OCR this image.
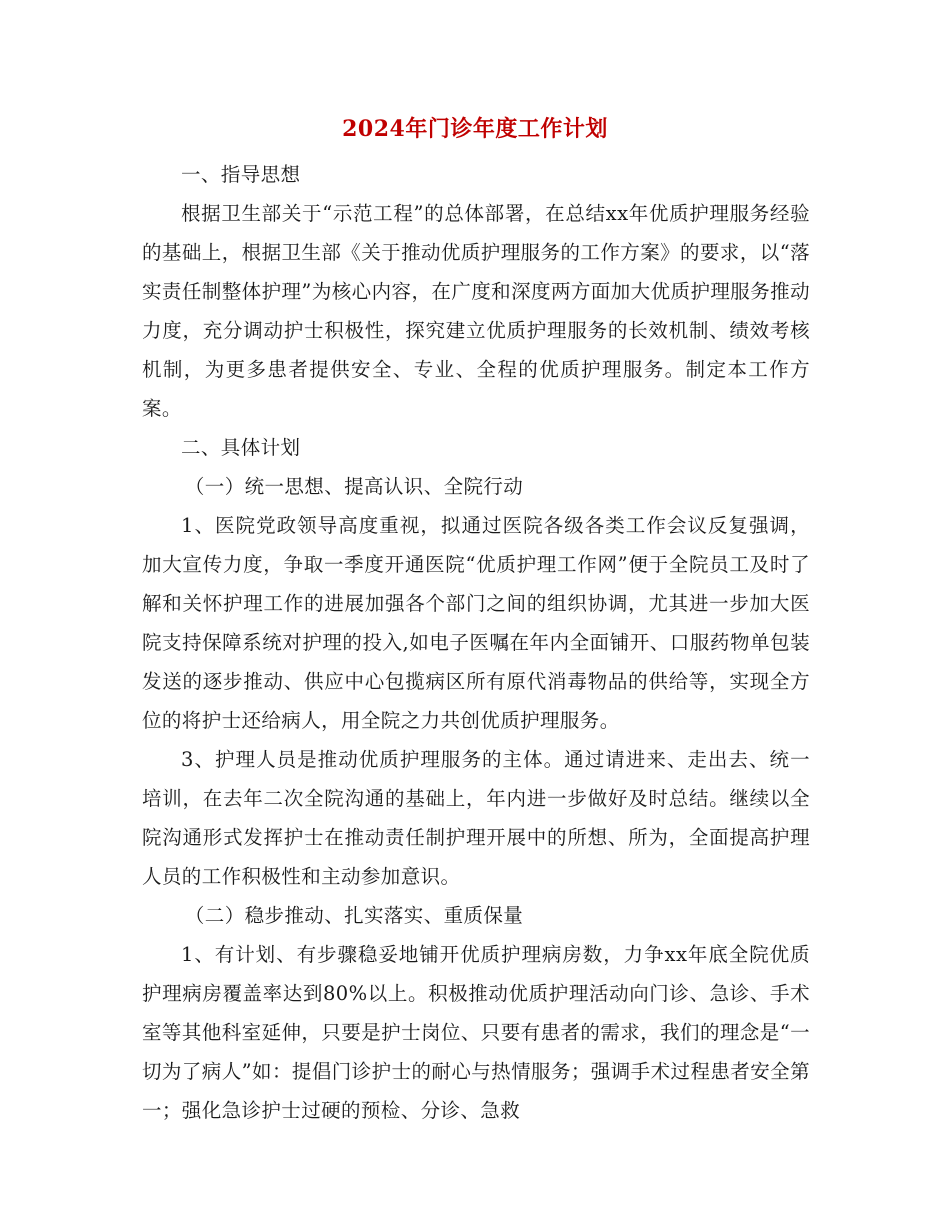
2024年门诊年度工作计划

一、指导思想

根据卫生部关于“示范工程”的总体部署，在总结xx年优质护理服务经验的基础上，根据卫生部《关于推动优质护理服务的工作方案》的要求，以“落实责任制整体护理”为核心内容，在广度和深度两方面加大优质护理服务推动力度，充分调动护士积极性，探究建立优质护理服务的长效机制、绩效考核机制，为更多患者提供安全、专业、全程的优质护理服务。制定本工作方案。

二、具体计划

（一）统一思想、提高认识、全院行动

1、医院党政领导高度重视，拟通过医院各级各类工作会议反复强调，加大宣传力度，争取一季度开通医院“优质护理工作网”便于全院员工及时了解和关怀护理工作的进展加强各个部门之间的组织协调，尤其进一步加大医院支持保障系统对护理的投入,如电子医嘱在年内全面铺开、口服药物单包装发送的逐步推动、供应中心包揽病区所有原代消毒物品的供给等，实现全方位的将护士还给病人，用全院之力共创优质护理服务。

3、护理人员是推动优质护理服务的主体。通过请进来、走出去、统一培训，在去年二次全院沟通的基础上，年内进一步做好及时总结。继续以全院沟通形式发挥护士在推动责任制护理开展中的所想、所为，全面提高护理人员的工作积极性和主动参加意识。

（二）稳步推动、扎实落实、重质保量

1、有计划、有步骤稳妥地铺开优质护理病房数，力争xx年底全院优质护理病房覆盖率达到80%以上。积极推动优质护理活动向门诊、急诊、手术室等其他科室延伸，只要是护士岗位、只要有患者的需求，我们的理念是“一切为了病人”如：提倡门诊护士的耐心与热情服务；强调手术过程患者安全第一；强化急诊护士过硬的预检、分诊、急救
